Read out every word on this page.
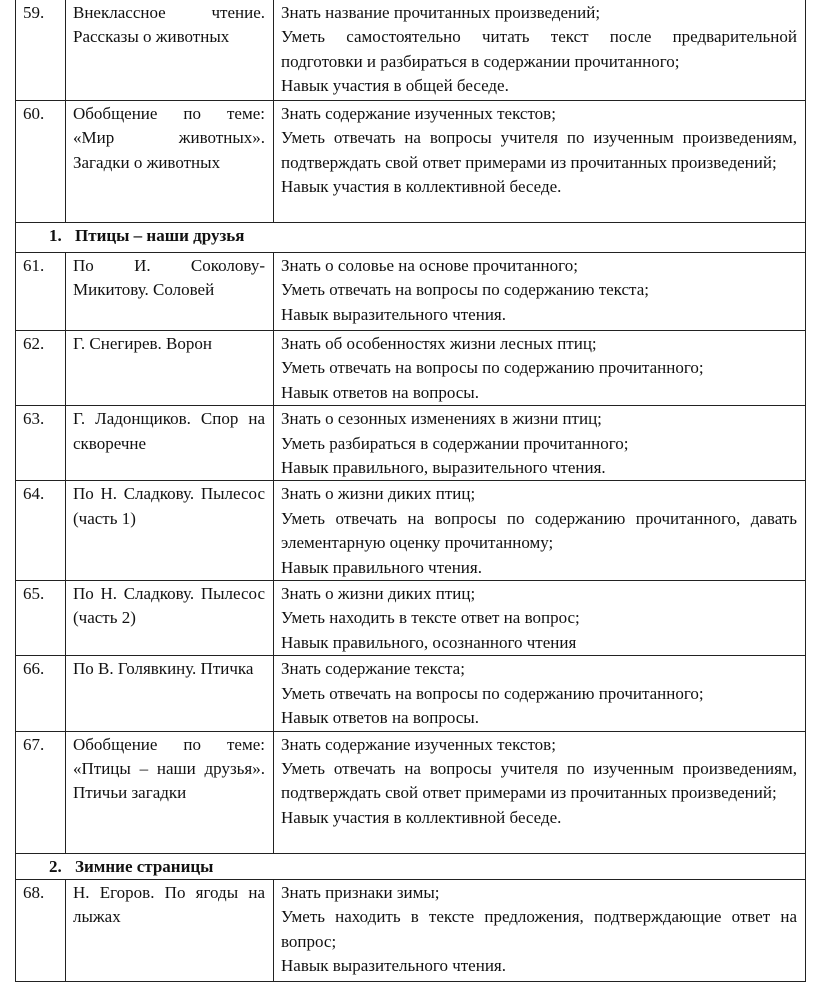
59.	Внеклассное чтение. Рассказы о животных	Знать название прочитанных произведений;

Уметь самостоятельно читать текст после предварительной подготовки и разбираться в содержании прочитанного;

Навык участия в общей беседе.

60.	Обобщение по теме: «Мир животных». Загадки о животных	Знать содержание изученных текстов;

Уметь отвечать на вопросы учителя по изученным произведениям, подтверждать свой ответ примерами из прочитанных произведений;

Навык участия в коллективной беседе.

1. Птицы – наши друзья		
61.	По И. Соколову-Микитову. Соловей	Знать о соловье на основе прочитанного;

Уметь отвечать на вопросы по содержанию текста;

Навык выразительного чтения.

62.	Г. Снегирев. Ворон	Знать об особенностях жизни лесных птиц;

Уметь отвечать на вопросы по содержанию прочитанного;

Навык ответов на вопросы.

63.	Г. Ладонщиков. Спор на скворечне	Знать о сезонных изменениях в жизни птиц;

Уметь разбираться в содержании прочитанного;

Навык правильного, выразительного чтения.

64.	По Н. Сладкову. Пылесос (часть 1)	Знать о жизни диких птиц;

Уметь отвечать на вопросы по содержанию прочитанного, давать элементарную оценку прочитанному;

Навык правильного чтения.

65.	По Н. Сладкову. Пылесос (часть 2)	Знать о жизни диких птиц;

Уметь находить в тексте ответ на вопрос;

Навык правильного, осознанного чтения

66.	По В. Голявкину. Птичка	Знать содержание текста;

Уметь отвечать на вопросы по содержанию прочитанного;

Навык ответов на вопросы.

67.	Обобщение по теме: «Птицы – наши друзья». Птичьи загадки	Знать содержание изученных текстов;

Уметь отвечать на вопросы учителя по изученным произведениям, подтверждать свой ответ примерами из прочитанных произведений;

Навык участия в коллективной беседе.

2. Зимние страницы		
68.	Н. Егоров. По ягоды на лыжах	Знать признаки зимы;

Уметь находить в тексте предложения, подтверждающие ответ на вопрос;

Навык выразительного чтения.
